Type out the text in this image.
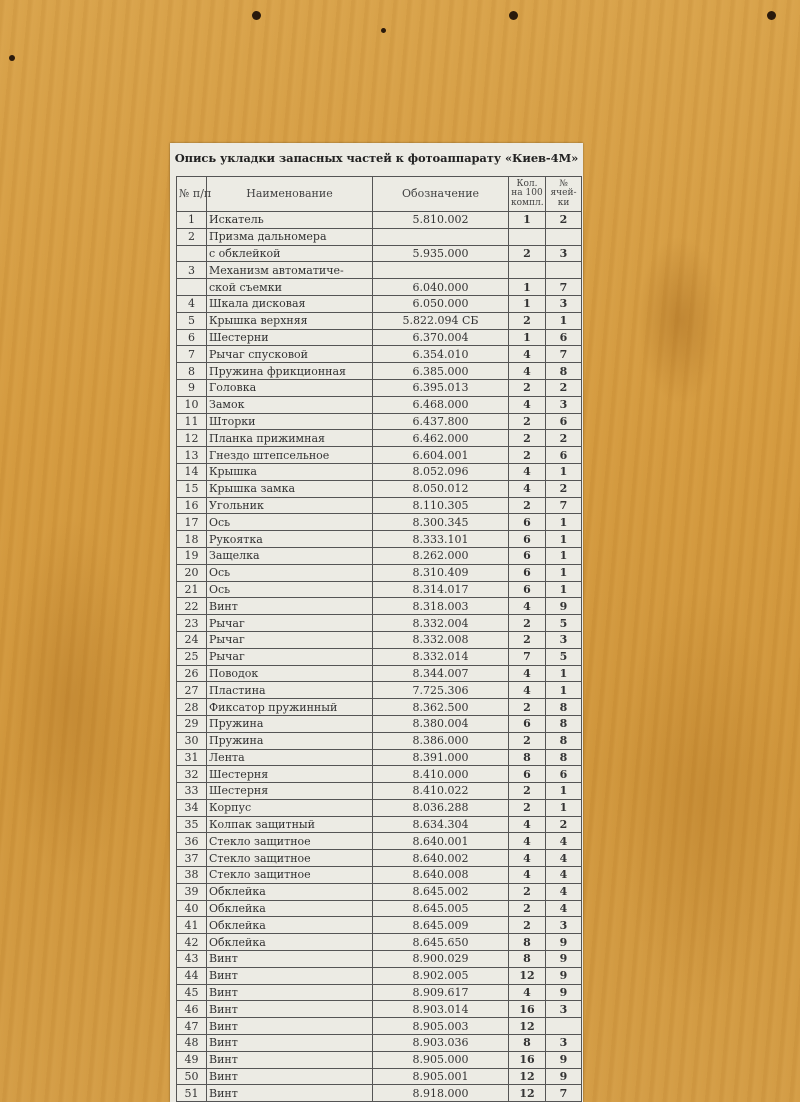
Опись укладки запасных частей к фотоаппарату «Киев-4М»
№ п/п	Наименование	Обозначение	Кол. на 100 компл.	№ ячей- ки
1	Искатель	5.810.002	1	2
2	Призма дальномера			
	с обклейкой	5.935.000	2	3
3	Механизм автоматиче-			
	ской съемки	6.040.000	1	7
4	Шкала дисковая	6.050.000	1	3
5	Крышка верхняя	5.822.094 СБ	2	1
6	Шестерни	6.370.004	1	6
7	Рычаг спусковой	6.354.010	4	7
8	Пружина фрикционная	6.385.000	4	8
9	Головка	6.395.013	2	2
10	Замок	6.468.000	4	3
11	Шторки	6.437.800	2	6
12	Планка прижимная	6.462.000	2	2
13	Гнездо штепсельное	6.604.001	2	6
14	Крышка	8.052.096	4	1
15	Крышка замка	8.050.012	4	2
16	Угольник	8.110.305	2	7
17	Ось	8.300.345	6	1
18	Рукоятка	8.333.101	6	1
19	Защелка	8.262.000	6	1
20	Ось	8.310.409	6	1
21	Ось	8.314.017	6	1
22	Винт	8.318.003	4	9
23	Рычаг	8.332.004	2	5
24	Рычаг	8.332.008	2	3
25	Рычаг	8.332.014	7	5
26	Поводок	8.344.007	4	1
27	Пластина	7.725.306	4	1
28	Фиксатор пружинный	8.362.500	2	8
29	Пружина	8.380.004	6	8
30	Пружина	8.386.000	2	8
31	Лента	8.391.000	8	8
32	Шестерня	8.410.000	6	6
33	Шестерня	8.410.022	2	1
34	Корпус	8.036.288	2	1
35	Колпак защитный	8.634.304	4	2
36	Стекло защитное	8.640.001	4	4
37	Стекло защитное	8.640.002	4	4
38	Стекло защитное	8.640.008	4	4
39	Обклейка	8.645.002	2	4
40	Обклейка	8.645.005	2	4
41	Обклейка	8.645.009	2	3
42	Обклейка	8.645.650	8	9
43	Винт	8.900.029	8	9
44	Винт	8.902.005	12	9
45	Винт	8.909.617	4	9
46	Винт	8.903.014	16	3
47	Винт	8.905.003	12	
48	Винт	8.903.036	8	3
49	Винт	8.905.000	16	9
50	Винт	8.905.001	12	9
51	Винт	8.918.000	12	7
